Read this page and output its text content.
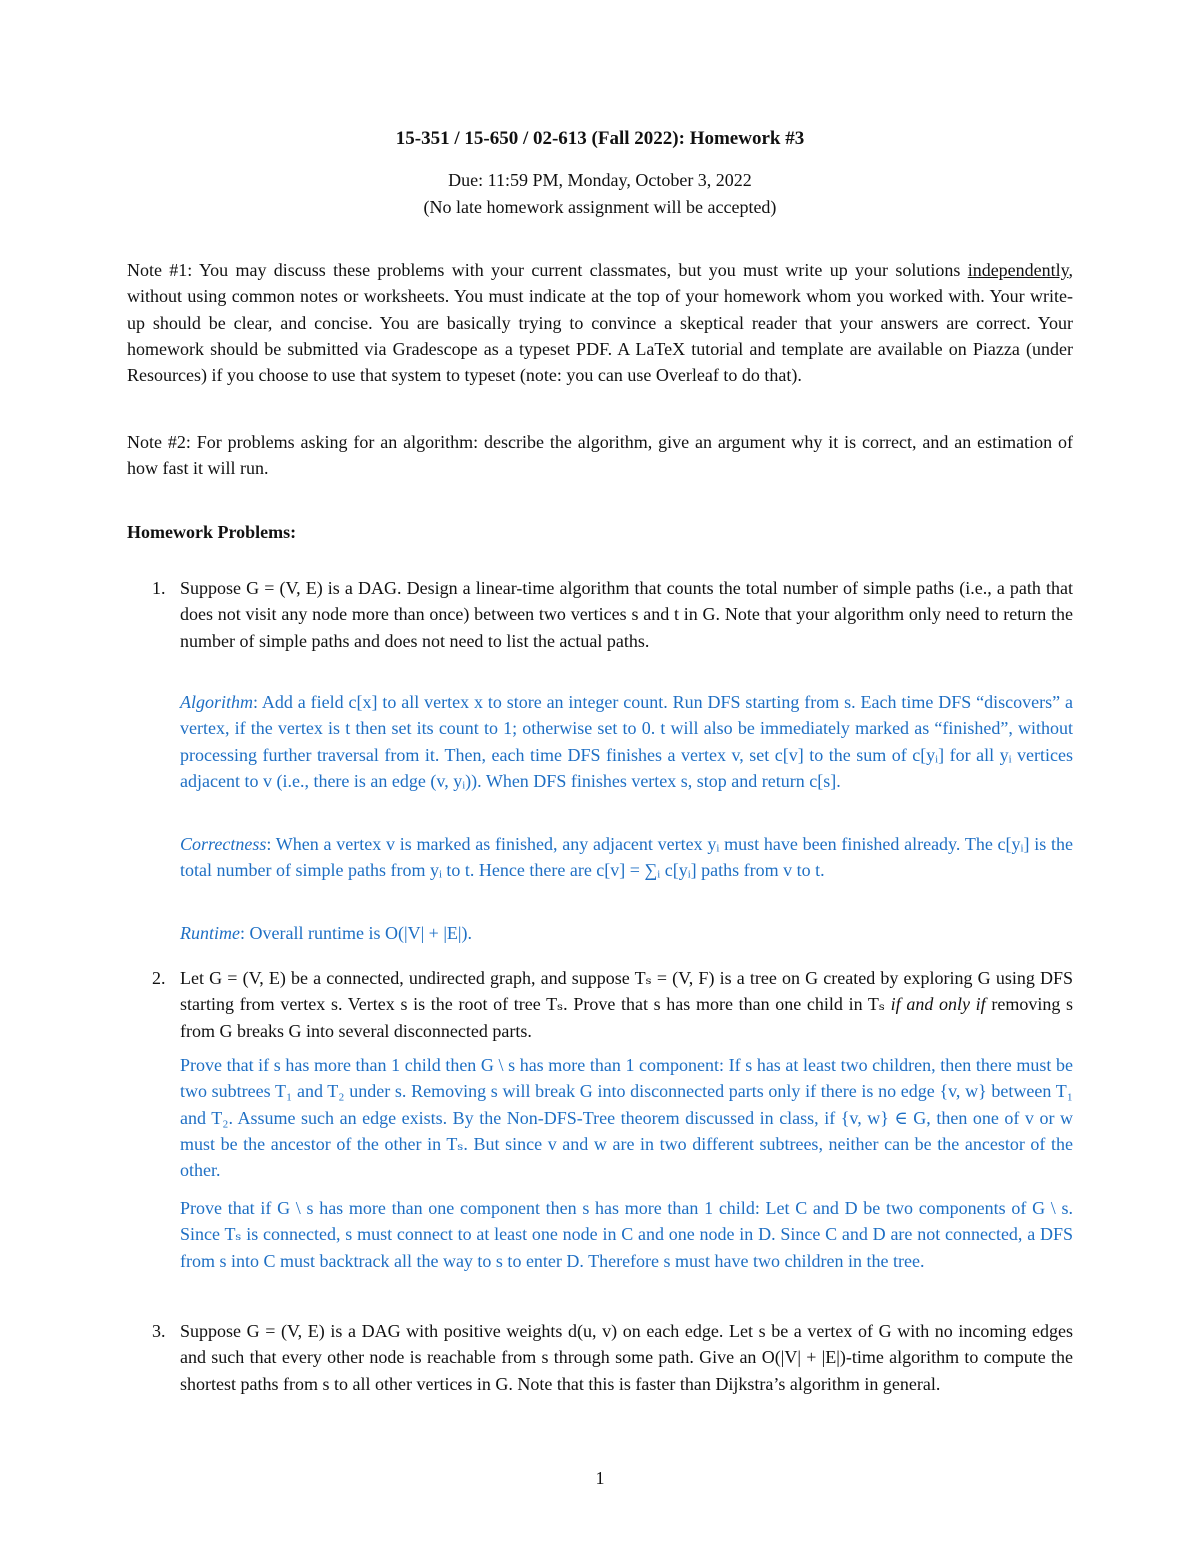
15-351 / 15-650 / 02-613 (Fall 2022): Homework #3
Due: 11:59 PM, Monday, October 3, 2022
(No late homework assignment will be accepted)

Note #1: You may discuss these problems with your current classmates, but you must write up your solutions independently, without using common notes or worksheets. You must indicate at the top of your homework whom you worked with. Your write-up should be clear, and concise. You are basically trying to convince a skeptical reader that your answers are correct. Your homework should be submitted via Gradescope as a typeset PDF. A LaTeX tutorial and template are available on Piazza (under Resources) if you choose to use that system to typeset (note: you can use Overleaf to do that).

Note #2: For problems asking for an algorithm: describe the algorithm, give an argument why it is correct, and an estimation of how fast it will run.

Homework Problems:
1. Suppose G = (V, E) is a DAG. Design a linear-time algorithm that counts the total number of simple paths (i.e., a path that does not visit any node more than once) between two vertices s and t in G. Note that your algorithm only need to return the number of simple paths and does not need to list the actual paths.

Algorithm: Add a field c[x] to all vertex x to store an integer count. Run DFS starting from s. Each time DFS “discovers” a vertex, if the vertex is t then set its count to 1; otherwise set to 0. t will also be immediately marked as “finished”, without processing further traversal from it. Then, each time DFS finishes a vertex v, set c[v] to the sum of c[yᵢ] for all yᵢ vertices adjacent to v (i.e., there is an edge (v, yᵢ)). When DFS finishes vertex s, stop and return c[s].

Correctness: When a vertex v is marked as finished, any adjacent vertex yᵢ must have been finished already. The c[yᵢ] is the total number of simple paths from yᵢ to t. Hence there are c[v] = ∑ᵢ c[yᵢ] paths from v to t.

Runtime: Overall runtime is O(|V| + |E|).

2. Let G = (V, E) be a connected, undirected graph, and suppose Tₛ = (V, F) is a tree on G created by exploring G using DFS starting from vertex s. Vertex s is the root of tree Tₛ. Prove that s has more than one child in Tₛ if and only if removing s from G breaks G into several disconnected parts.

Prove that if s has more than 1 child then G \ s has more than 1 component: If s has at least two children, then there must be two subtrees T₁ and T₂ under s. Removing s will break G into disconnected parts only if there is no edge {v, w} between T₁ and T₂. Assume such an edge exists. By the Non-DFS-Tree theorem discussed in class, if {v, w} ∈ G, then one of v or w must be the ancestor of the other in Tₛ. But since v and w are in two different subtrees, neither can be the ancestor of the other.

Prove that if G \ s has more than one component then s has more than 1 child: Let C and D be two components of G \ s. Since Tₛ is connected, s must connect to at least one node in C and one node in D. Since C and D are not connected, a DFS from s into C must backtrack all the way to s to enter D. Therefore s must have two children in the tree.

3. Suppose G = (V, E) is a DAG with positive weights d(u, v) on each edge. Let s be a vertex of G with no incoming edges and such that every other node is reachable from s through some path. Give an O(|V| + |E|)-time algorithm to compute the shortest paths from s to all other vertices in G. Note that this is faster than Dijkstra’s algorithm in general.

1
